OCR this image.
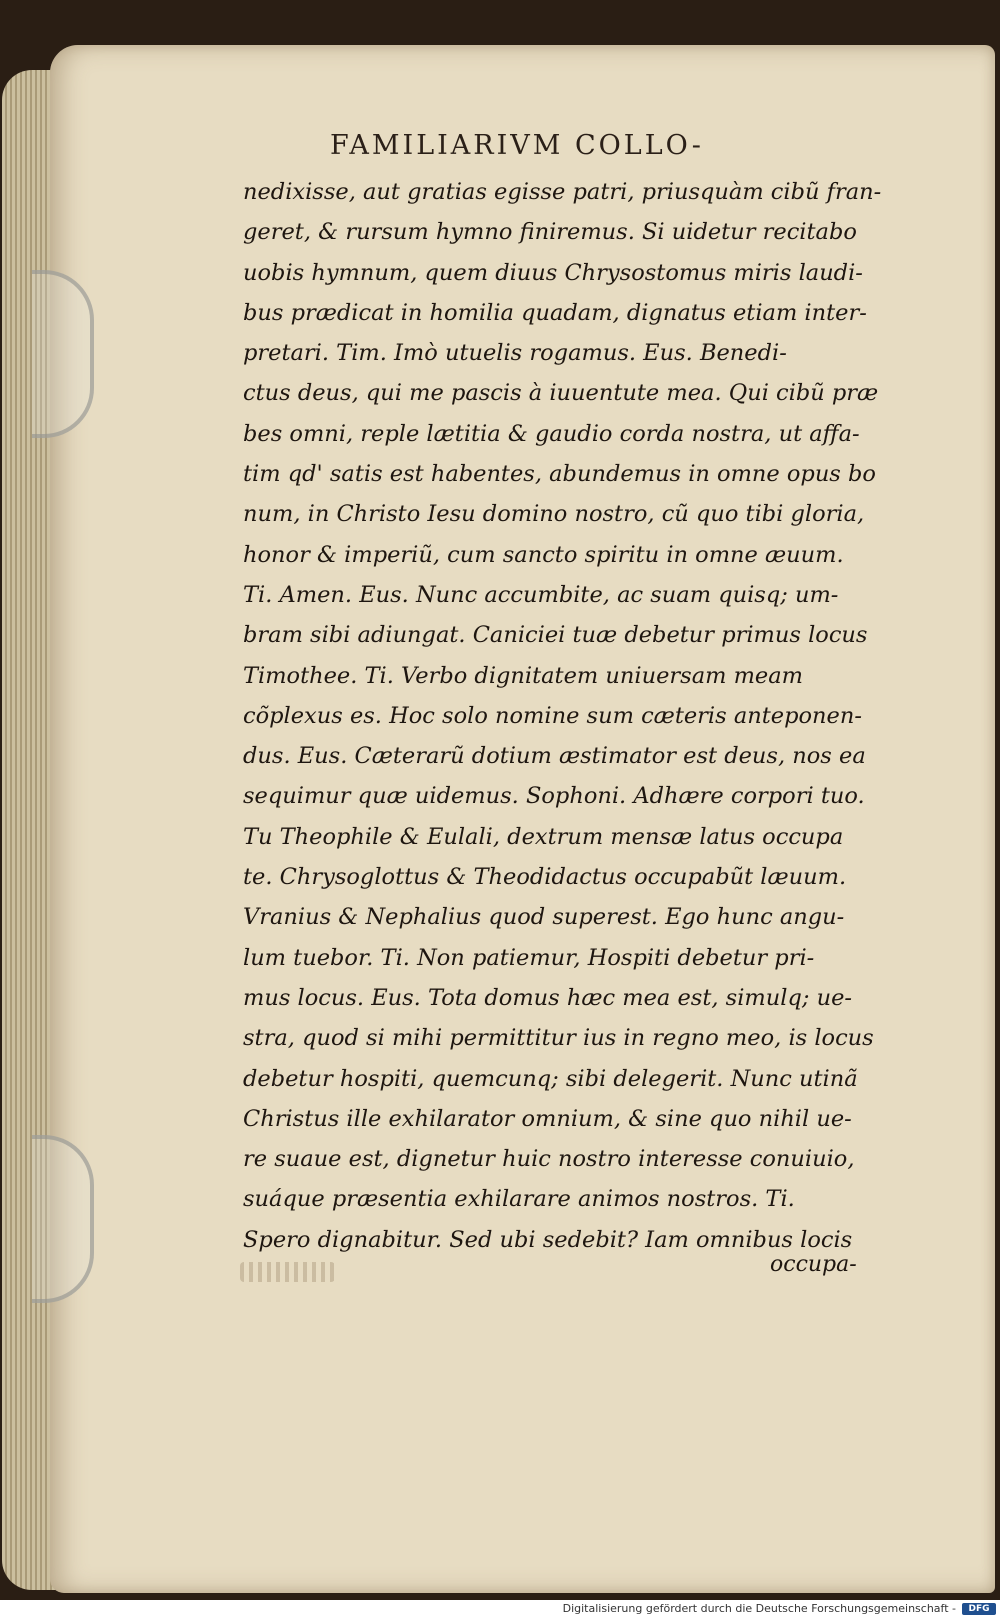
FAMILIARIVM COLLO-
nedixisse, aut gratias egisse patri, priusquàm cibũ fran-
geret, & rursum hymno finiremus. Si uidetur recitabo
uobis hymnum, quem diuus Chrysostomus miris laudi-
bus prædicat in homilia quadam, dignatus etiam inter-
pretari. Tim. Imò utuelis rogamus. Eus. Benedi-
ctus deus, qui me pascis à iuuentute mea. Qui cibũ præ
bes omni, reple lætitia & gaudio corda nostra, ut affa-
tim qd' satis est habentes, abundemus in omne opus bo
num, in Christo Iesu domino nostro, cũ quo tibi gloria,
honor & imperiũ, cum sancto spiritu in omne æuum.
Ti. Amen. Eus. Nunc accumbite, ac suam quisq; um-
bram sibi adiungat. Caniciei tuæ debetur primus locus
Timothee. Ti. Verbo dignitatem uniuersam meam
cõplexus es. Hoc solo nomine sum cæteris anteponen-
dus. Eus. Cæterarũ dotium æstimator est deus, nos ea
sequimur quæ uidemus. Sophoni. Adhære corpori tuo.
Tu Theophile & Eulali, dextrum mensæ latus occupa
te. Chrysoglottus & Theodidactus occupabũt læuum.
Vranius & Nephalius quod superest. Ego hunc angu-
lum tuebor. Ti. Non patiemur, Hospiti debetur pri-
mus locus. Eus. Tota domus hæc mea est, simulq; ue-
stra, quod si mihi permittitur ius in regno meo, is locus
debetur hospiti, quemcunq; sibi delegerit. Nunc utinã
Christus ille exhilarator omnium, & sine quo nihil ue-
re suaue est, dignetur huic nostro interesse conuiuio,
suáque præsentia exhilarare animos nostros. Ti.
Spero dignabitur. Sed ubi sedebit? Iam omnibus locis
occupa-
Digitalisierung gefördert durch die Deutsche Forschungsgemeinschaft -	DFG
